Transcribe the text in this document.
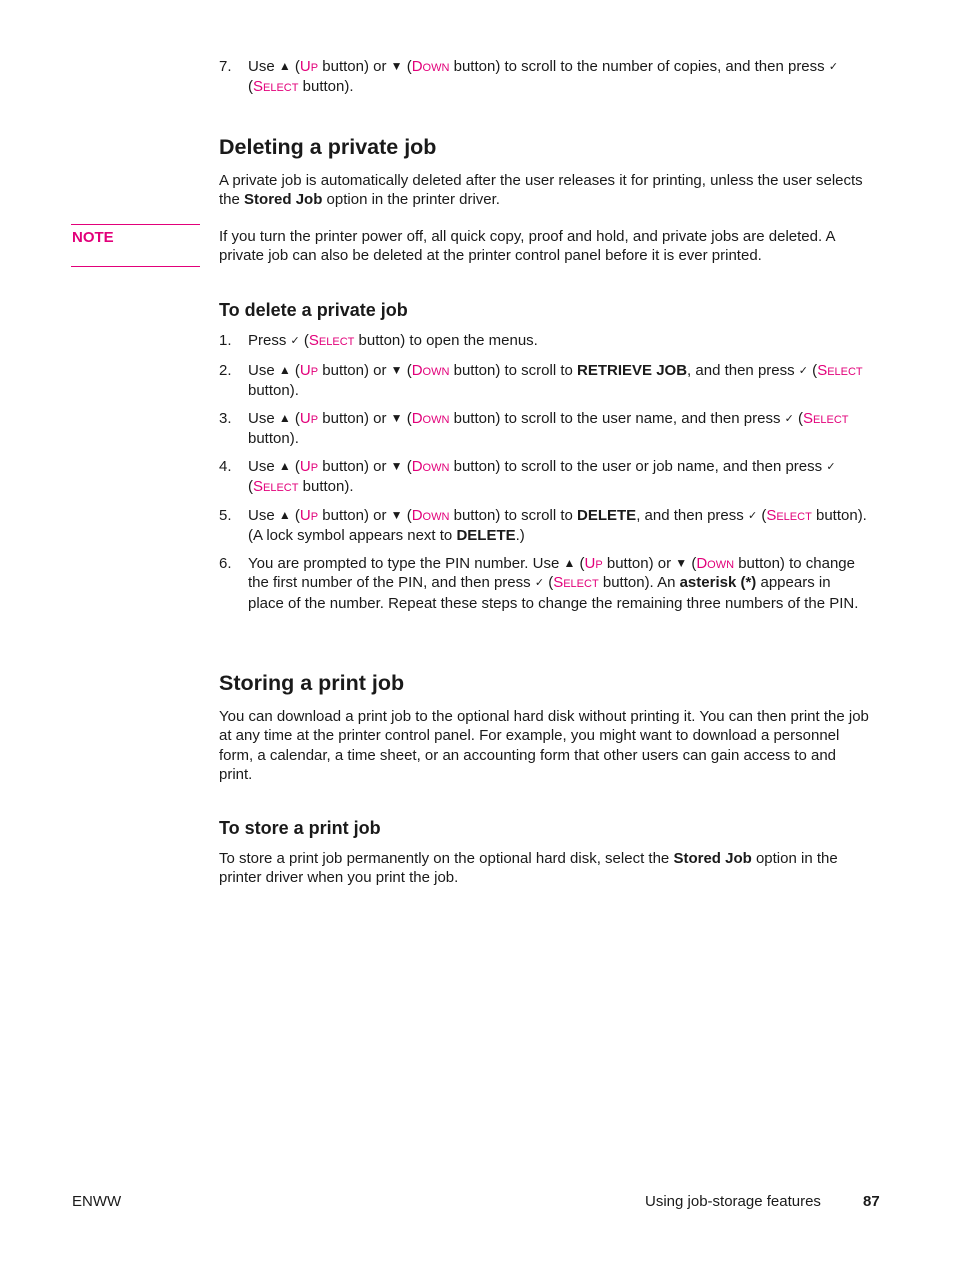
7.	Use ▲ (Up button) or ▼ (Down button) to scroll to the number of copies, and then press ✓ (Select button).
Deleting a private job
A private job is automatically deleted after the user releases it for printing, unless the user selects the Stored Job option in the printer driver.
NOTE	If you turn the printer power off, all quick copy, proof and hold, and private jobs are deleted. A private job can also be deleted at the printer control panel before it is ever printed.
To delete a private job
1.	Press ✓ (Select button) to open the menus.
2.	Use ▲ (Up button) or ▼ (Down button) to scroll to RETRIEVE JOB, and then press ✓ (Select button).
3.	Use ▲ (Up button) or ▼ (Down button) to scroll to the user name, and then press ✓ (Select button).
4.	Use ▲ (Up button) or ▼ (Down button) to scroll to the user or job name, and then press ✓ (Select button).
5.	Use ▲ (Up button) or ▼ (Down button) to scroll to DELETE, and then press ✓ (Select button). (A lock symbol appears next to DELETE.)
6.	You are prompted to type the PIN number. Use ▲ (Up button) or ▼ (Down button) to change the first number of the PIN, and then press ✓ (Select button). An asterisk (*) appears in place of the number. Repeat these steps to change the remaining three numbers of the PIN.
Storing a print job
You can download a print job to the optional hard disk without printing it. You can then print the job at any time at the printer control panel. For example, you might want to download a personnel form, a calendar, a time sheet, or an accounting form that other users can gain access to and print.
To store a print job
To store a print job permanently on the optional hard disk, select the Stored Job option in the printer driver when you print the job.
ENWW	Using job-storage features	87
